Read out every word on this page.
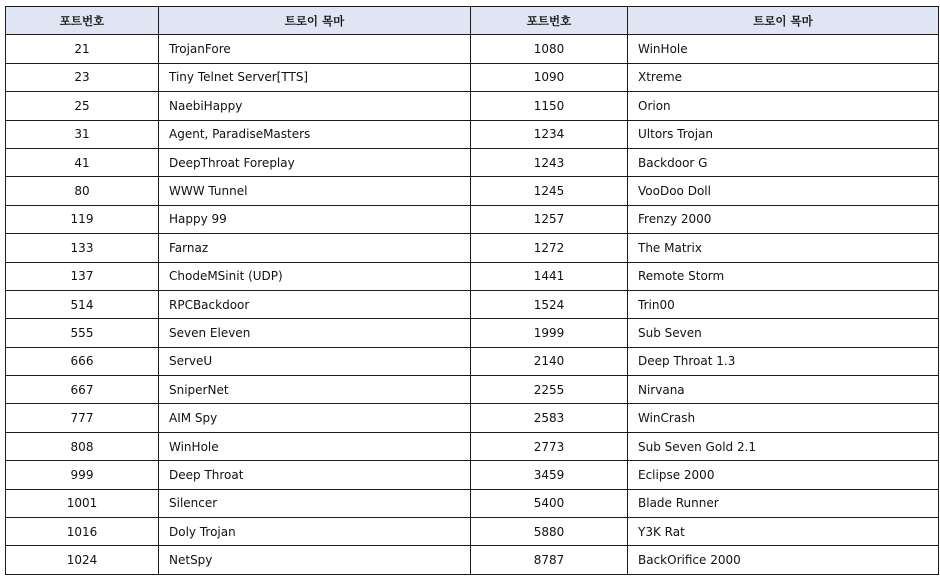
포트번호	트로이 목마	포트번호	트로이 목마
21	TrojanFore	1080	WinHole
23	Tiny Telnet Server[TTS]	1090	Xtreme
25	NaebiHappy	1150	Orion
31	Agent, ParadiseMasters	1234	Ultors Trojan
41	DeepThroat Foreplay	1243	Backdoor G
80	WWW Tunnel	1245	VooDoo Doll
119	Happy 99	1257	Frenzy 2000
133	Farnaz	1272	The Matrix
137	ChodeMSinit (UDP)	1441	Remote Storm
514	RPCBackdoor	1524	Trin00
555	Seven Eleven	1999	Sub Seven
666	ServeU	2140	Deep Throat 1.3
667	SniperNet	2255	Nirvana
777	AIM Spy	2583	WinCrash
808	WinHole	2773	Sub Seven Gold 2.1
999	Deep Throat	3459	Eclipse 2000
1001	Silencer	5400	Blade Runner
1016	Doly Trojan	5880	Y3K Rat
1024	NetSpy	8787	BackOrifice 2000
